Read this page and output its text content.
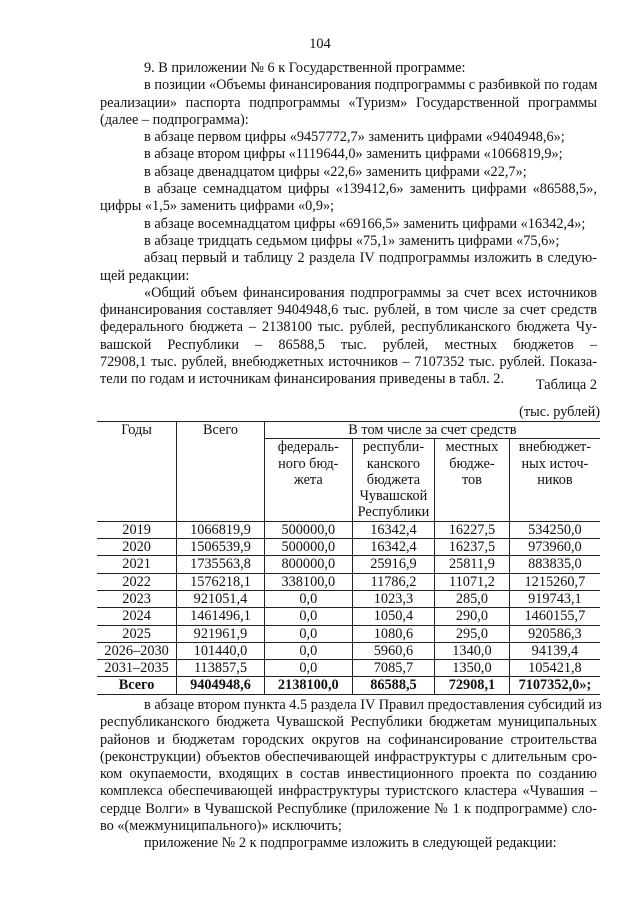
104
9. В приложении № 6 к Государственной программе:
в позиции «Объемы финансирования подпрограммы с разбивкой по годам
реализации» паспорта подпрограммы «Туризм» Государственной программы
(далее – подпрограмма):
в абзаце первом цифры «9457772,7» заменить цифрами «9404948,6»;
в абзаце втором цифры «1119644,0» заменить цифрами «1066819,9»;
в абзаце двенадцатом цифры «22,6» заменить цифрами «22,7»;
в абзаце семнадцатом цифры «139412,6» заменить цифрами «86588,5»,
цифры «1,5» заменить цифрами «0,9»;
в абзаце восемнадцатом цифры «69166,5» заменить цифрами «16342,4»;
в абзаце тридцать седьмом цифры «75,1» заменить цифрами «75,6»;
абзац первый и таблицу 2 раздела IV подпрограммы изложить в следую-
щей редакции:
«Общий объем финансирования подпрограммы за счет всех источников
финансирования составляет 9404948,6 тыс. рублей, в том числе за счет средств
федерального бюджета – 2138100 тыс. рублей, республиканского бюджета Чу-
вашской Республики – 86588,5 тыс. рублей, местных бюджетов –
72908,1 тыс. рублей, внебюджетных источников – 7107352 тыс. рублей. Показа-
тели по годам и источникам финансирования приведены в табл. 2.	Таблица 2
(тыс. рублей)
Годы	Всего	В том числе за счет средств			
		федераль-
ного бюд-
жета	республи-
канского
бюджета
Чувашской
Республики	местных
бюдже-
тов	внебюджет-
ных источ-
ников
2019	1066819,9	500000,0	16342,4	16227,5	534250,0
2020	1506539,9	500000,0	16342,4	16237,5	973960,0
2021	1735563,8	800000,0	25916,9	25811,9	883835,0
2022	1576218,1	338100,0	11786,2	11071,2	1215260,7
2023	921051,4	0,0	1023,3	285,0	919743,1
2024	1461496,1	0,0	1050,4	290,0	1460155,7
2025	921961,9	0,0	1080,6	295,0	920586,3
2026–2030	101440,0	0,0	5960,6	1340,0	94139,4
2031–2035	113857,5	0,0	7085,7	1350,0	105421,8
Всего	9404948,6	2138100,0	86588,5	72908,1	7107352,0»;
в абзаце втором пункта 4.5 раздела IV Правил предоставления субсидий из
республиканского бюджета Чувашской Республики бюджетам муниципальных
районов и бюджетам городских округов на софинансирование строительства
(реконструкции) объектов обеспечивающей инфраструктуры с длительным сро-
ком окупаемости, входящих в состав инвестиционного проекта по созданию
комплекса обеспечивающей инфраструктуры туристского кластера «Чувашия –
сердце Волги» в Чувашской Республике (приложение № 1 к подпрограмме) сло-
во «(межмуниципального)» исключить;
приложение № 2 к подпрограмме изложить в следующей редакции:
